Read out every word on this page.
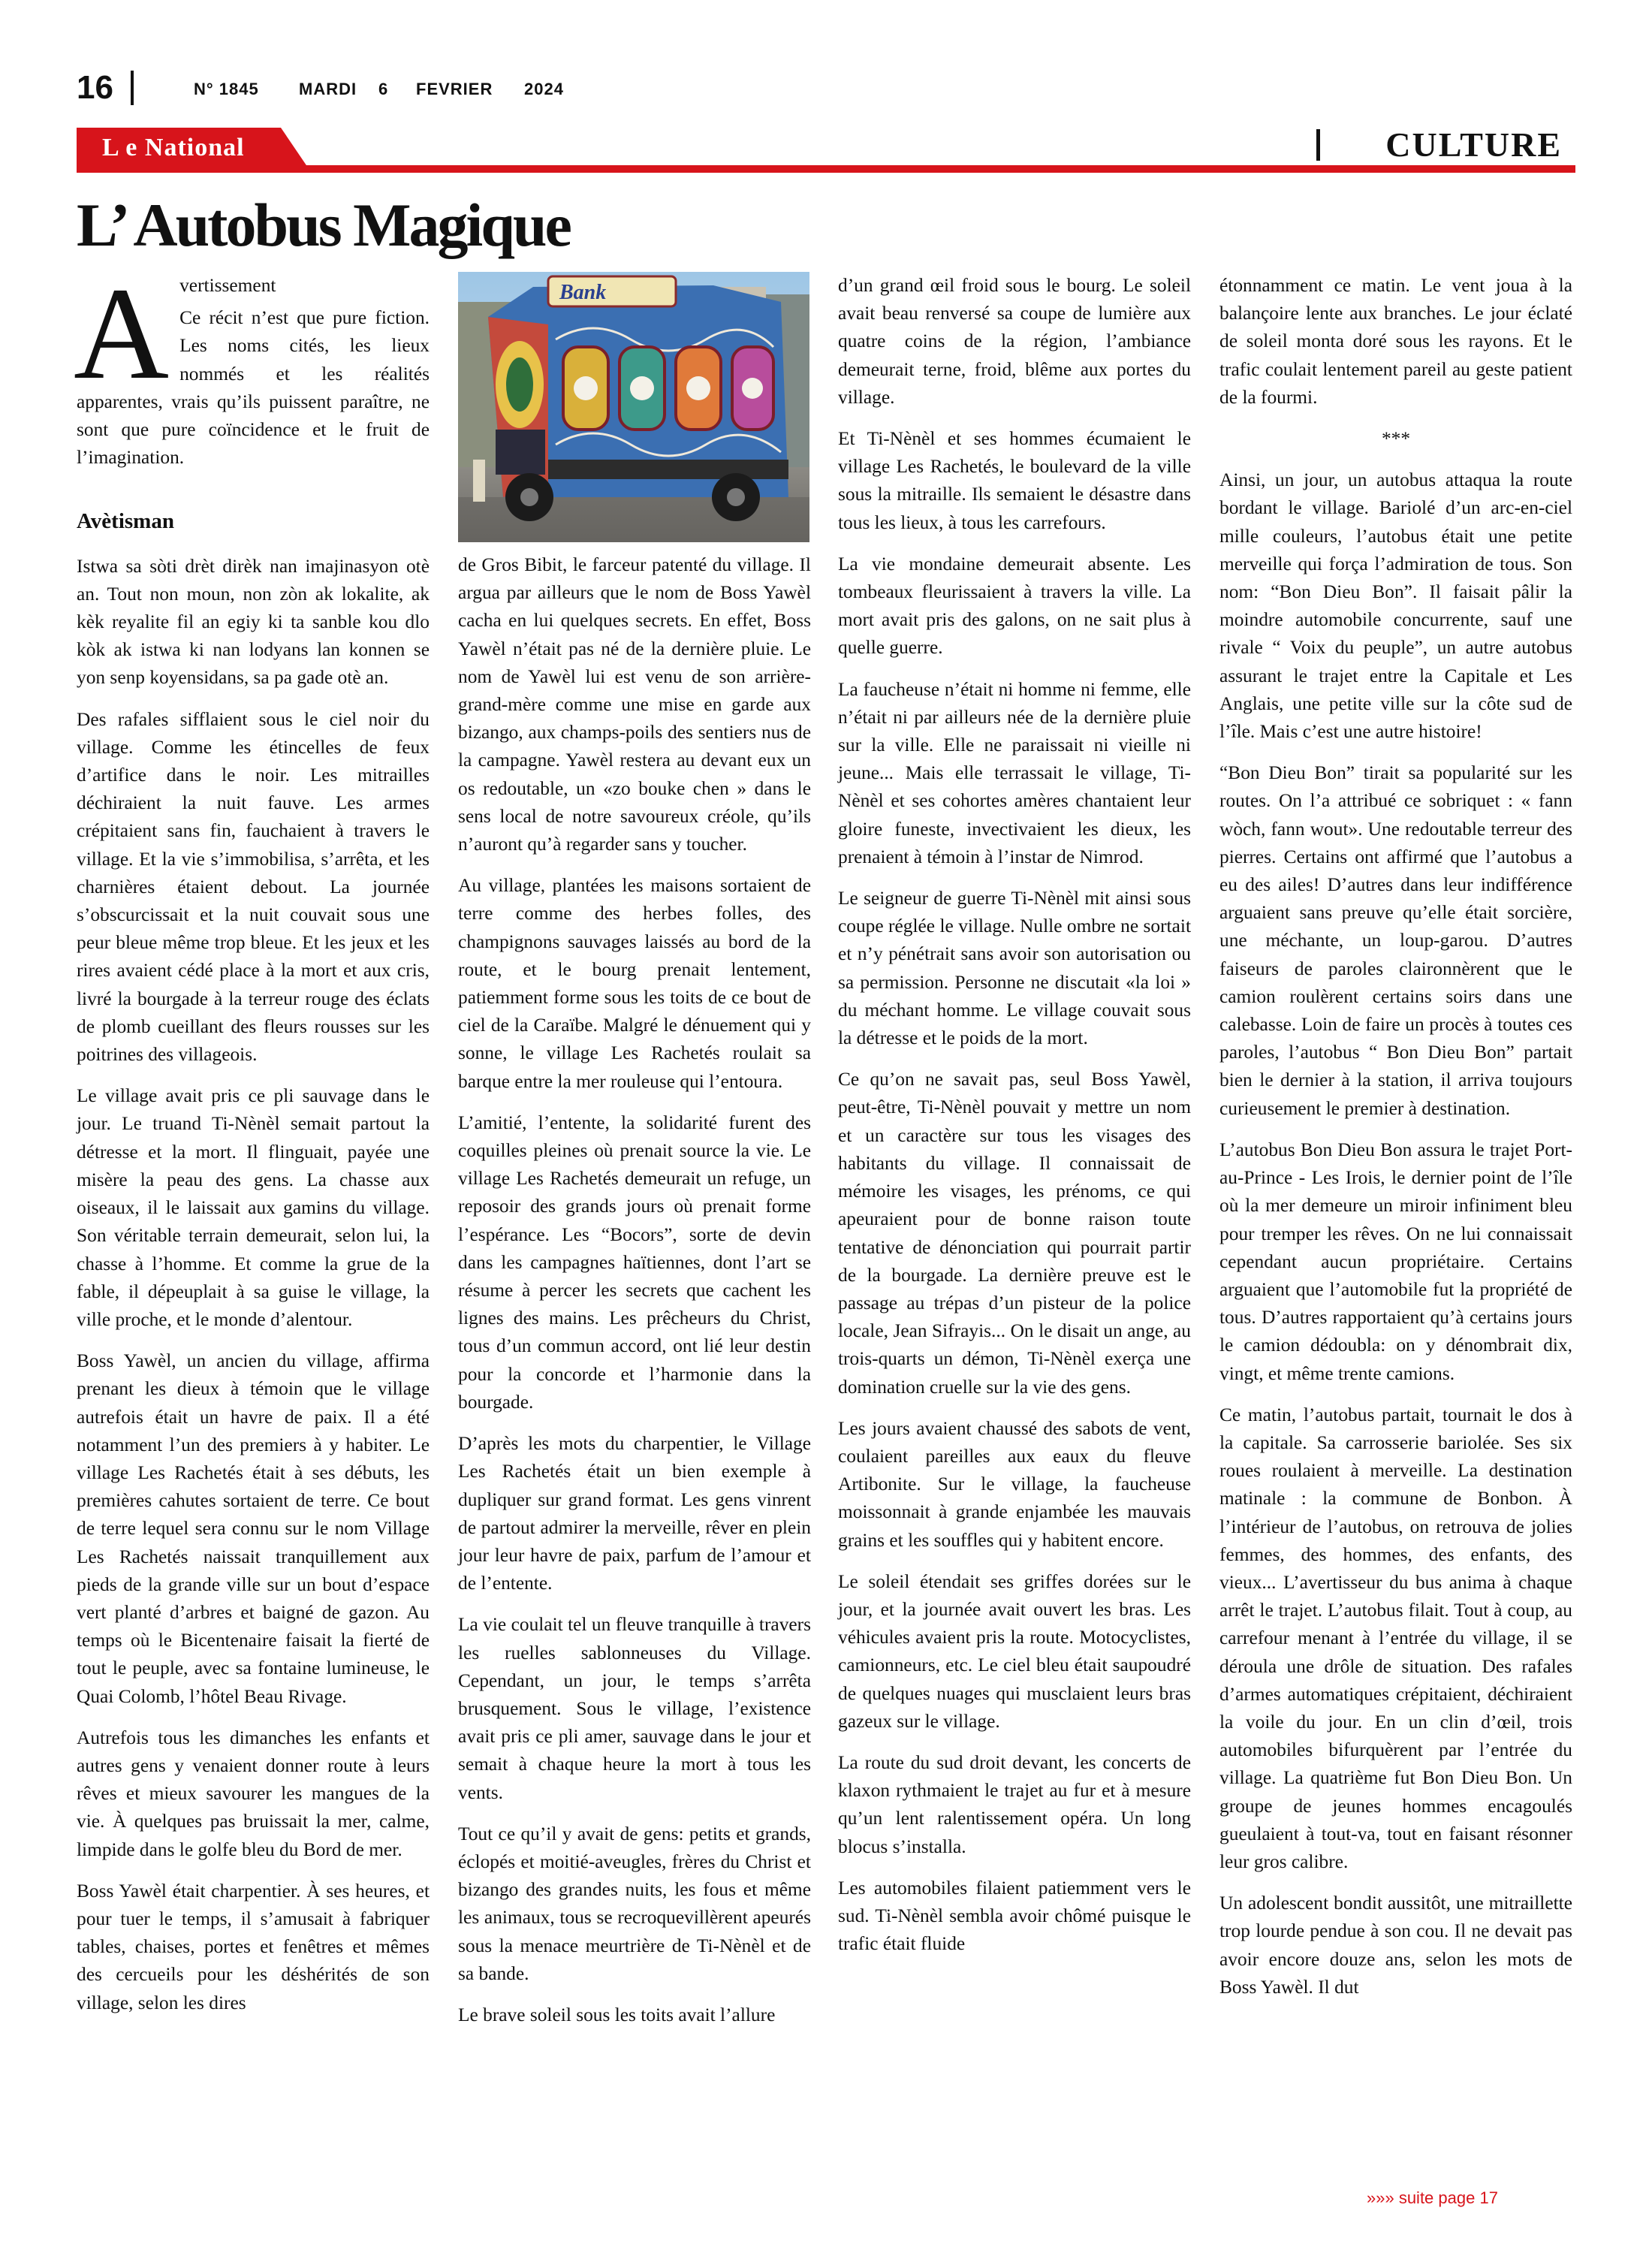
16	N° 1845 MARDI 6 FEVRIER 2024
L e National	CULTURE
L’ Autobus Magique

Avertissement

Ce récit n’est que pure fiction. Les noms cités, les lieux nommés et les réalités apparentes, vrais qu’ils puissent paraître, ne sont que pure coïncidence et le fruit de l’imagination.

Avètisman

Istwa sa sòti drèt dirèk nan imajinasyon otè an. Tout non moun, non zòn ak lokalite, ak kèk reyalite fil an egiy ki ta sanble kou dlo kòk ak istwa ki nan lodyans lan konnen se yon senp koyensidans, sa pa gade otè an.

Des rafales sifflaient sous le ciel noir du village. Comme les étincelles de feux d’artifice dans le noir. Les mitrailles déchiraient la nuit fauve. Les armes crépitaient sans fin, fauchaient à travers le village. Et la vie s’immobilisa, s’arrêta, et les charnières étaient debout. La journée s’obscurcissait et la nuit couvait sous une peur bleue même trop bleue. Et les jeux et les rires avaient cédé place à la mort et aux cris, livré la bourgade à la terreur rouge des éclats de plomb cueillant des fleurs rousses sur les poitrines des villageois.

Le village avait pris ce pli sauvage dans le jour. Le truand Ti-Nènèl semait partout la détresse et la mort. Il flinguait, payée une misère la peau des gens. La chasse aux oiseaux, il le laissait aux gamins du village. Son véritable terrain demeurait, selon lui, la chasse à l’homme. Et comme la grue de la fable, il dépeuplait à sa guise le village, la ville proche, et le monde d’alentour.

Boss Yawèl, un ancien du village, affirma prenant les dieux à témoin que le village autrefois était un havre de paix. Il a été notamment l’un des premiers à y habiter. Le village Les Rachetés était à ses débuts, les premières cahutes sortaient de terre. Ce bout de terre lequel sera connu sur le nom Village Les Rachetés naissait tranquillement aux pieds de la grande ville sur un bout d’espace vert planté d’arbres et baigné de gazon. Au temps où le Bicentenaire faisait la fierté de tout le peuple, avec sa fontaine lumineuse, le Quai Colomb, l’hôtel Beau Rivage.

Autrefois tous les dimanches les enfants et autres gens y venaient donner route à leurs rêves et mieux savourer les mangues de la vie. À quelques pas bruissait la mer, calme, limpide dans le golfe bleu du Bord de mer.

Boss Yawèl était charpentier. À ses heures, et pour tuer le temps, il s’amusait à fabriquer tables, chaises, portes et fenêtres et mêmes des cercueils pour les déshérités de son village, selon les dires

Bank

de Gros Bibit, le farceur patenté du village. Il argua par ailleurs que le nom de Boss Yawèl cacha en lui quelques secrets. En effet, Boss Yawèl n’était pas né de la dernière pluie. Le nom de Yawèl lui est venu de son arrière-grand-mère comme une mise en garde aux bizango, aux champs-poils des sentiers nus de la campagne. Yawèl restera au devant eux un os redoutable, un «zo bouke chen » dans le sens local de notre savoureux créole, qu’ils n’auront qu’à regarder sans y toucher.

Au village, plantées les maisons sortaient de terre comme des herbes folles, des champignons sauvages laissés au bord de la route, et le bourg prenait lentement, patiemment forme sous les toits de ce bout de ciel de la Caraïbe. Malgré le dénuement qui y sonne, le village Les Rachetés roulait sa barque entre la mer rouleuse qui l’entoura.

L’amitié, l’entente, la solidarité furent des coquilles pleines où prenait source la vie. Le village Les Rachetés demeurait un refuge, un reposoir des grands jours où prenait forme l’espérance. Les “Bocors”, sorte de devin dans les campagnes haïtiennes, dont l’art se résume à percer les secrets que cachent les lignes des mains. Les prêcheurs du Christ, tous d’un commun accord, ont lié leur destin pour la concorde et l’harmonie dans la bourgade.

D’après les mots du charpentier, le Village Les Rachetés était un bien exemple à dupliquer sur grand format. Les gens vinrent de partout admirer la merveille, rêver en plein jour leur havre de paix, parfum de l’amour et de l’entente.

La vie coulait tel un fleuve tranquille à travers les ruelles sablonneuses du Village. Cependant, un jour, le temps s’arrêta brusquement. Sous le village, l’existence avait pris ce pli amer, sauvage dans le jour et semait à chaque heure la mort à tous les vents.

Tout ce qu’il y avait de gens: petits et grands, éclopés et moitié-aveugles, frères du Christ et bizango des grandes nuits, les fous et même les animaux, tous se recroquevillèrent apeurés sous la menace meurtrière de Ti-Nènèl et de sa bande.

Le brave soleil sous les toits avait l’allure

d’un grand œil froid sous le bourg. Le soleil avait beau renversé sa coupe de lumière aux quatre coins de la région, l’ambiance demeurait terne, froid, blême aux portes du village.

Et Ti-Nènèl et ses hommes écumaient le village Les Rachetés, le boulevard de la ville sous la mitraille. Ils semaient le désastre dans tous les lieux, à tous les carrefours.

La vie mondaine demeurait absente. Les tombeaux fleurissaient à travers la ville. La mort avait pris des galons, on ne sait plus à quelle guerre.

La faucheuse n’était ni homme ni femme, elle n’était ni par ailleurs née de la dernière pluie sur la ville. Elle ne paraissait ni vieille ni jeune... Mais elle terrassait le village, Ti-Nènèl et ses cohortes amères chantaient leur gloire funeste, invectivaient les dieux, les prenaient à témoin à l’instar de Nimrod.

Le seigneur de guerre Ti-Nènèl mit ainsi sous coupe réglée le village. Nulle ombre ne sortait et n’y pénétrait sans avoir son autorisation ou sa permission. Personne ne discutait «la loi » du méchant homme. Le village couvait sous la détresse et le poids de la mort.

Ce qu’on ne savait pas, seul Boss Yawèl, peut-être, Ti-Nènèl pouvait y mettre un nom et un caractère sur tous les visages des habitants du village. Il connaissait de mémoire les visages, les prénoms, ce qui apeuraient pour de bonne raison toute tentative de dénonciation qui pourrait partir de la bourgade. La dernière preuve est le passage au trépas d’un pisteur de la police locale, Jean Sifrayis... On le disait un ange, au trois-quarts un démon, Ti-Nènèl exerça une domination cruelle sur la vie des gens.

Les jours avaient chaussé des sabots de vent, coulaient pareilles aux eaux du fleuve Artibonite. Sur le village, la faucheuse moissonnait à grande enjambée les mauvais grains et les souffles qui y habitent encore.

Le soleil étendait ses griffes dorées sur le jour, et la journée avait ouvert les bras. Les véhicules avaient pris la route. Motocyclistes, camionneurs, etc. Le ciel bleu était saupoudré de quelques nuages qui musclaient leurs bras gazeux sur le village.

La route du sud droit devant, les concerts de klaxon rythmaient le trajet au fur et à mesure qu’un lent ralentissement opéra. Un long blocus s’installa.

Les automobiles filaient patiemment vers le sud. Ti-Nènèl sembla avoir chômé puisque le trafic était fluide

étonnamment ce matin. Le vent joua à la balançoire lente aux branches. Le jour éclaté de soleil monta doré sous les rayons. Et le trafic coulait lentement pareil au geste patient de la fourmi.

***

Ainsi, un jour, un autobus attaqua la route bordant le village. Bariolé d’un arc-en-ciel mille couleurs, l’autobus était une petite merveille qui força l’admiration de tous. Son nom: “Bon Dieu Bon”. Il faisait pâlir la moindre automobile concurrente, sauf une rivale “ Voix du peuple”, un autre autobus assurant le trajet entre la Capitale et Les Anglais, une petite ville sur la côte sud de l’île. Mais c’est une autre histoire!

“Bon Dieu Bon” tirait sa popularité sur les routes. On l’a attribué ce sobriquet : « fann wòch, fann wout». Une redoutable terreur des pierres. Certains ont affirmé que l’autobus a eu des ailes! D’autres dans leur indifférence arguaient sans preuve qu’elle était sorcière, une méchante, un loup-garou. D’autres faiseurs de paroles claironnèrent que le camion roulèrent certains soirs dans une calebasse. Loin de faire un procès à toutes ces paroles, l’autobus “ Bon Dieu Bon” partait bien le dernier à la station, il arriva toujours curieusement le premier à destination.

L’autobus Bon Dieu Bon assura le trajet Port-au-Prince - Les Irois, le dernier point de l’île où la mer demeure un miroir infiniment bleu pour tremper les rêves. On ne lui connaissait cependant aucun propriétaire. Certains arguaient que l’automobile fut la propriété de tous. D’autres rapportaient qu’à certains jours le camion dédoubla: on y dénombrait dix, vingt, et même trente camions.

Ce matin, l’autobus partait, tournait le dos à la capitale. Sa carrosserie bariolée. Ses six roues roulaient à merveille. La destination matinale : la commune de Bonbon. À l’intérieur de l’autobus, on retrouva de jolies femmes, des hommes, des enfants, des vieux... L’avertisseur du bus anima à chaque arrêt le trajet. L’autobus filait. Tout à coup, au carrefour menant à l’entrée du village, il se déroula une drôle de situation. Des rafales d’armes automatiques crépitaient, déchiraient la voile du jour. En un clin d’œil, trois automobiles bifurquèrent par l’entrée du village. La quatrième fut Bon Dieu Bon. Un groupe de jeunes hommes encagoulés gueulaient à tout-va, tout en faisant résonner leur gros calibre.

Un adolescent bondit aussitôt, une mitraillette trop lourde pendue à son cou. Il ne devait pas avoir encore douze ans, selon les mots de Boss Yawèl. Il dut

»»» suite page 17
